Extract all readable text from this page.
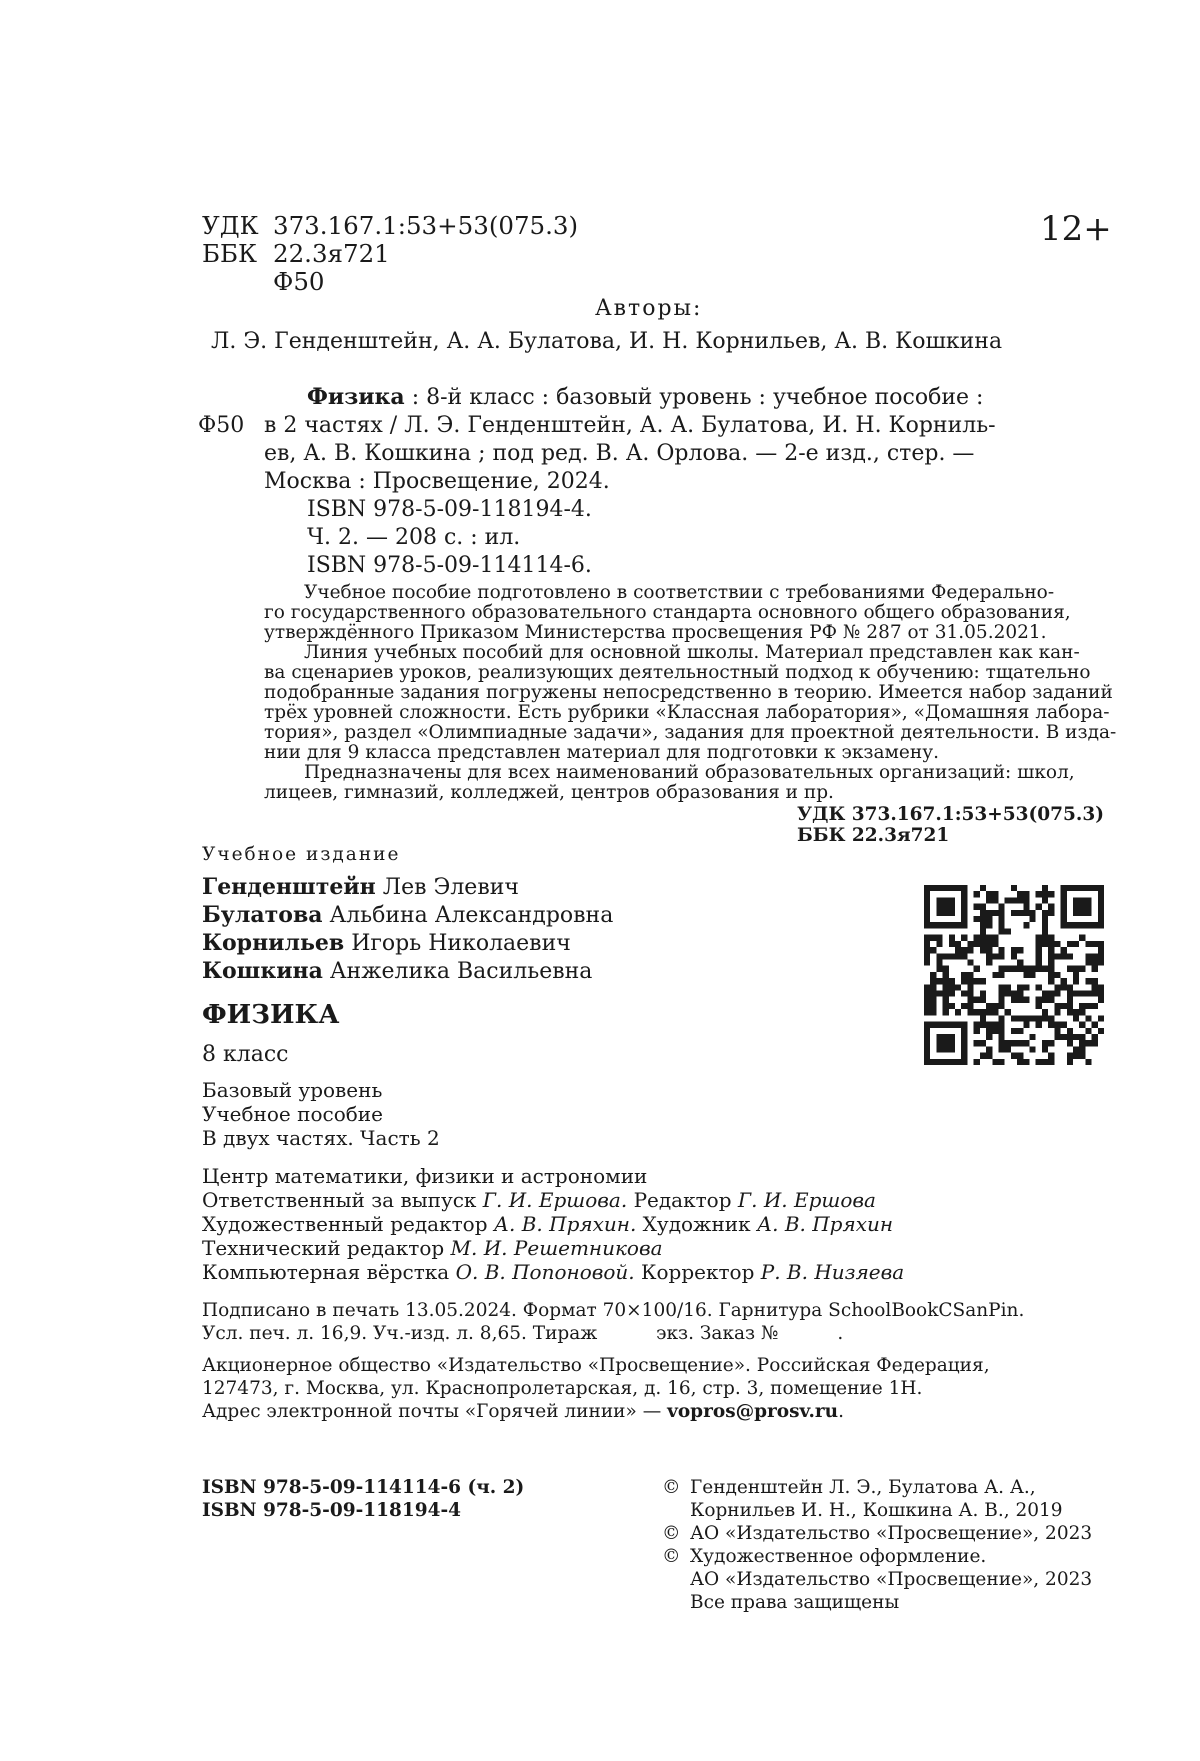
УДК 373.167.1:53+53(075.3)
ББК 22.3я721
Ф50
12+
Авторы:
Л. Э. Генденштейн, А. А. Булатова, И. Н. Корнильев, А. В. Кошкина
Ф50
Физика : 8-й класс : базовый уровень : учебное пособие :
в 2 частях / Л. Э. Генденштейн, А. А. Булатова, И. Н. Корниль-
ев, А. В. Кошкина ; под ред. В. А. Орлова. — 2-е изд., стер. —
Москва : Просвещение, 2024.
ISBN 978-5-09-118194-4.
Ч. 2. — 208 с. : ил.
ISBN 978-5-09-114114-6.
Учебное пособие подготовлено в соответствии с требованиями Федерально-
го государственного образовательного стандарта основного общего образования,
утверждённого Приказом Министерства просвещения РФ № 287 от 31.05.2021.
Линия учебных пособий для основной школы. Материал представлен как кан-
ва сценариев уроков, реализующих деятельностный подход к обучению: тщательно
подобранные задания погружены непосредственно в теорию. Имеется набор заданий
трёх уровней сложности. Есть рубрики «Классная лаборатория», «Домашняя лабора-
тория», раздел «Олимпиадные задачи», задания для проектной деятельности. В изда-
нии для 9 класса представлен материал для подготовки к экзамену.
Предназначены для всех наименований образовательных организаций: школ,
лицеев, гимназий, колледжей, центров образования и пр.
УДК 373.167.1:53+53(075.3)
ББК 22.3я721
Учебное издание
Генденштейн Лев Элевич
Булатова Альбина Александровна
Корнильев Игорь Николаевич
Кошкина Анжелика Васильевна
ФИЗИКА
8 класс
Базовый уровень
Учебное пособие
В двух частях. Часть 2
Центр математики, физики и астрономии
Ответственный за выпуск Г. И. Ершова. Редактор Г. И. Ершова
Художественный редактор А. В. Пряхин. Художник А. В. Пряхин
Технический редактор М. И. Решетникова
Компьютерная вёрстка О. В. Попоновой. Корректор Р. В. Низяева
Подписано в печать 13.05.2024. Формат 70×100/16. Гарнитура SchoolBookCSanPin.
Усл. печ. л. 16,9. Уч.-изд. л. 8,65. Тираж          экз. Заказ №          .
Акционерное общество «Издательство «Просвещение». Российская Федерация,
127473, г. Москва, ул. Краснопролетарская, д. 16, стр. 3, помещение 1Н.
Адрес электронной почты «Горячей линии» — vopros@prosv.ru.
ISBN 978-5-09-114114-6 (ч. 2)
ISBN 978-5-09-118194-4
© Генденштейн Л. Э., Булатова А. А.,
Корнильев И. Н., Кошкина А. В., 2019
© АО «Издательство «Просвещение», 2023
© Художественное оформление.
АО «Издательство «Просвещение», 2023
Все права защищены
